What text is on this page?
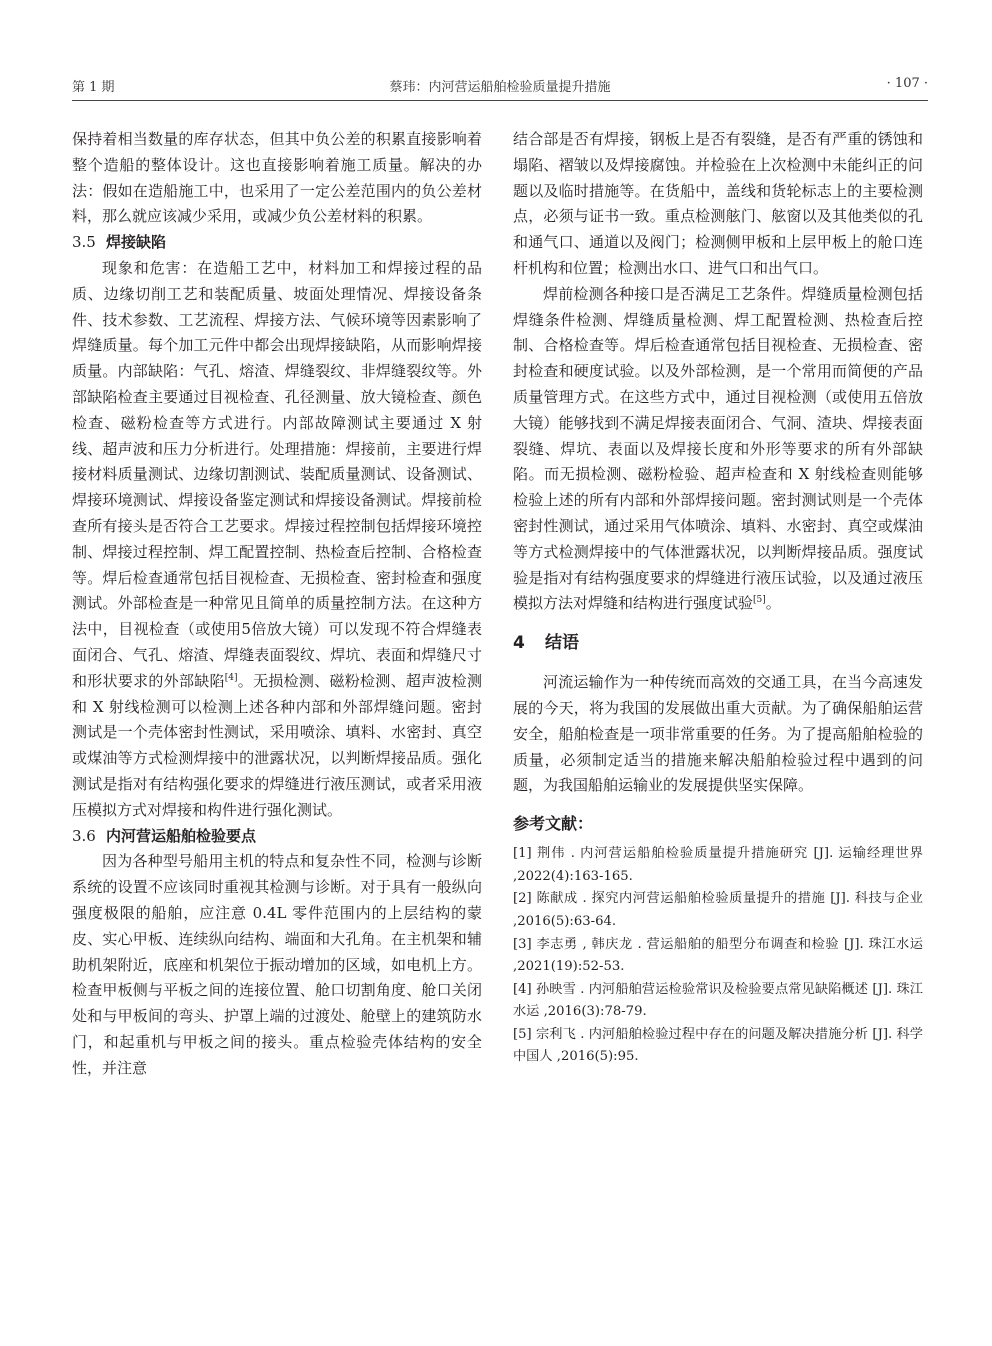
第 1 期	蔡玮：内河营运船舶检验质量提升措施	· 107 ·

保持着相当数量的库存状态，但其中负公差的积累直接影响着整个造船的整体设计。这也直接影响着施工质量。解决的办法：假如在造船施工中，也采用了一定公差范围内的负公差材料，那么就应该减少采用，或减少负公差材料的积累。

3.5 焊接缺陷

现象和危害：在造船工艺中，材料加工和焊接过程的品质、边缘切削工艺和装配质量、坡面处理情况、焊接设备条件、技术参数、工艺流程、焊接方法、气候环境等因素影响了焊缝质量。每个加工元件中都会出现焊接缺陷，从而影响焊接质量。内部缺陷：气孔、熔渣、焊缝裂纹、非焊缝裂纹等。外部缺陷检查主要通过目视检查、孔径测量、放大镜检查、颜色检查、磁粉检查等方式进行。内部故障测试主要通过 X 射线、超声波和压力分析进行。处理措施：焊接前，主要进行焊接材料质量测试、边缘切割测试、装配质量测试、设备测试、焊接环境测试、焊接设备鉴定测试和焊接设备测试。焊接前检查所有接头是否符合工艺要求。焊接过程控制包括焊接环境控制、焊接过程控制、焊工配置控制、热检查后控制、合格检查等。焊后检查通常包括目视检查、无损检查、密封检查和强度测试。外部检查是一种常见且简单的质量控制方法。在这种方法中，目视检查（或使用5倍放大镜）可以发现不符合焊缝表面闭合、气孔、熔渣、焊缝表面裂纹、焊坑、表面和焊缝尺寸和形状要求的外部缺陷[4]。无损检测、磁粉检测、超声波检测和 X 射线检测可以检测上述各种内部和外部焊缝问题。密封测试是一个壳体密封性测试，采用喷涂、填料、水密封、真空或煤油等方式检测焊接中的泄露状况，以判断焊接品质。强化测试是指对有结构强化要求的焊缝进行液压测试，或者采用液压模拟方式对焊接和构件进行强化测试。

3.6 内河营运船舶检验要点

因为各种型号船用主机的特点和复杂性不同，检测与诊断系统的设置不应该同时重视其检测与诊断。对于具有一般纵向强度极限的船舶，应注意 0.4L 零件范围内的上层结构的蒙皮、实心甲板、连续纵向结构、端面和大孔角。在主机架和辅助机架附近，底座和机架位于振动增加的区域，如电机上方。检查甲板侧与平板之间的连接位置、舱口切割角度、舱口关闭处和与甲板间的弯头、护罩上端的过渡处、舱壁上的建筑防水门，和起重机与甲板之间的接头。重点检验壳体结构的安全性，并注意

结合部是否有焊接，钢板上是否有裂缝，是否有严重的锈蚀和塌陷、褶皱以及焊接腐蚀。并检验在上次检测中未能纠正的问题以及临时措施等。在货船中，盖线和货轮标志上的主要检测点，必须与证书一致。重点检测舷门、舷窗以及其他类似的孔和通气口、通道以及阀门；检测侧甲板和上层甲板上的舱口连杆机构和位置；检测出水口、进气口和出气口。

焊前检测各种接口是否满足工艺条件。焊缝质量检测包括焊缝条件检测、焊缝质量检测、焊工配置检测、热检查后控制、合格检查等。焊后检查通常包括目视检查、无损检查、密封检查和硬度试验。以及外部检测，是一个常用而简便的产品质量管理方式。在这些方式中，通过目视检测（或使用五倍放大镜）能够找到不满足焊接表面闭合、气洞、渣块、焊接表面裂缝、焊坑、表面以及焊接长度和外形等要求的所有外部缺陷。而无损检测、磁粉检验、超声检查和 X 射线检查则能够检验上述的所有内部和外部焊接问题。密封测试则是一个壳体密封性测试，通过采用气体喷涂、填料、水密封、真空或煤油等方式检测焊接中的气体泄露状况，以判断焊接品质。强度试验是指对有结构强度要求的焊缝进行液压试验，以及通过液压模拟方法对焊缝和结构进行强度试验[5]。

4 结语

河流运输作为一种传统而高效的交通工具，在当今高速发展的今天，将为我国的发展做出重大贡献。为了确保船舶运营安全，船舶检查是一项非常重要的任务。为了提高船舶检验的质量，必须制定适当的措施来解决船舶检验过程中遇到的问题，为我国船舶运输业的发展提供坚实保障。

参考文献：

[1] 荆伟 . 内河营运船舶检验质量提升措施研究 [J]. 运输经理世界 ,2022(4):163-165.

[2] 陈献成 . 探究内河营运船舶检验质量提升的措施 [J]. 科技与企业 ,2016(5):63-64.

[3] 李志勇 , 韩庆龙 . 营运船舶的船型分布调查和检验 [J]. 珠江水运 ,2021(19):52-53.

[4] 孙映雪 . 内河船舶营运检验常识及检验要点常见缺陷概述 [J]. 珠江水运 ,2016(3):78-79.

[5] 宗利飞 . 内河船舶检验过程中存在的问题及解决措施分析 [J]. 科学中国人 ,2016(5):95.
